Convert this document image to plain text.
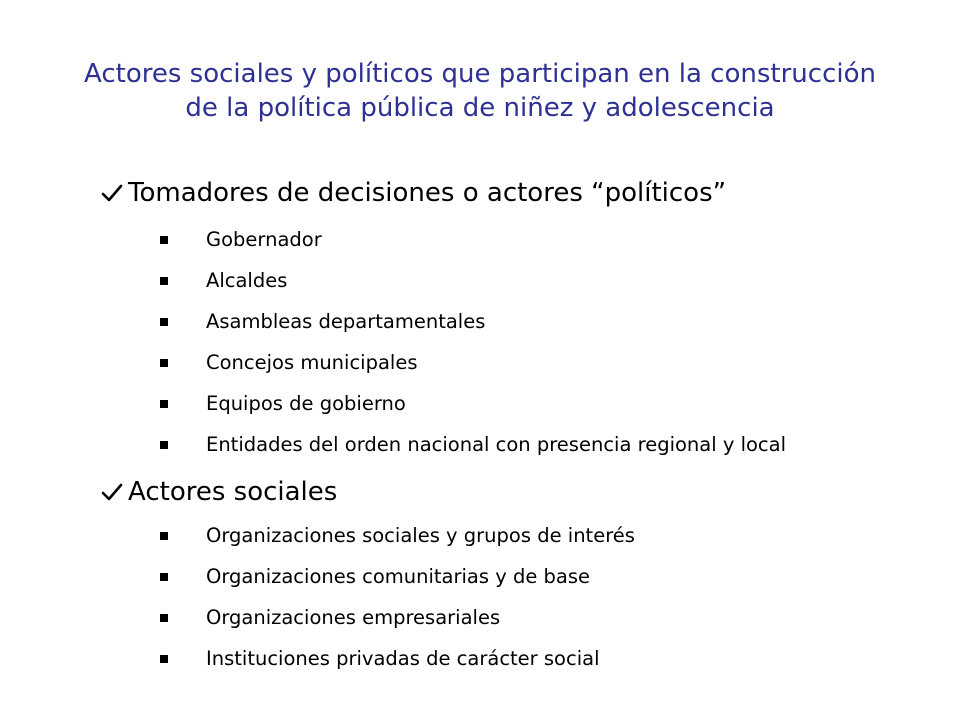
Actores sociales y políticos que participan en la construcción
de la política pública de niñez y adolescencia
Tomadores de decisiones o actores “políticos”
Gobernador
Alcaldes
Asambleas departamentales
Concejos municipales
Equipos de gobierno
Entidades del orden nacional con presencia regional y local
Actores sociales
Organizaciones sociales y grupos de interés
Organizaciones comunitarias y de base
Organizaciones empresariales
Instituciones privadas de carácter social
